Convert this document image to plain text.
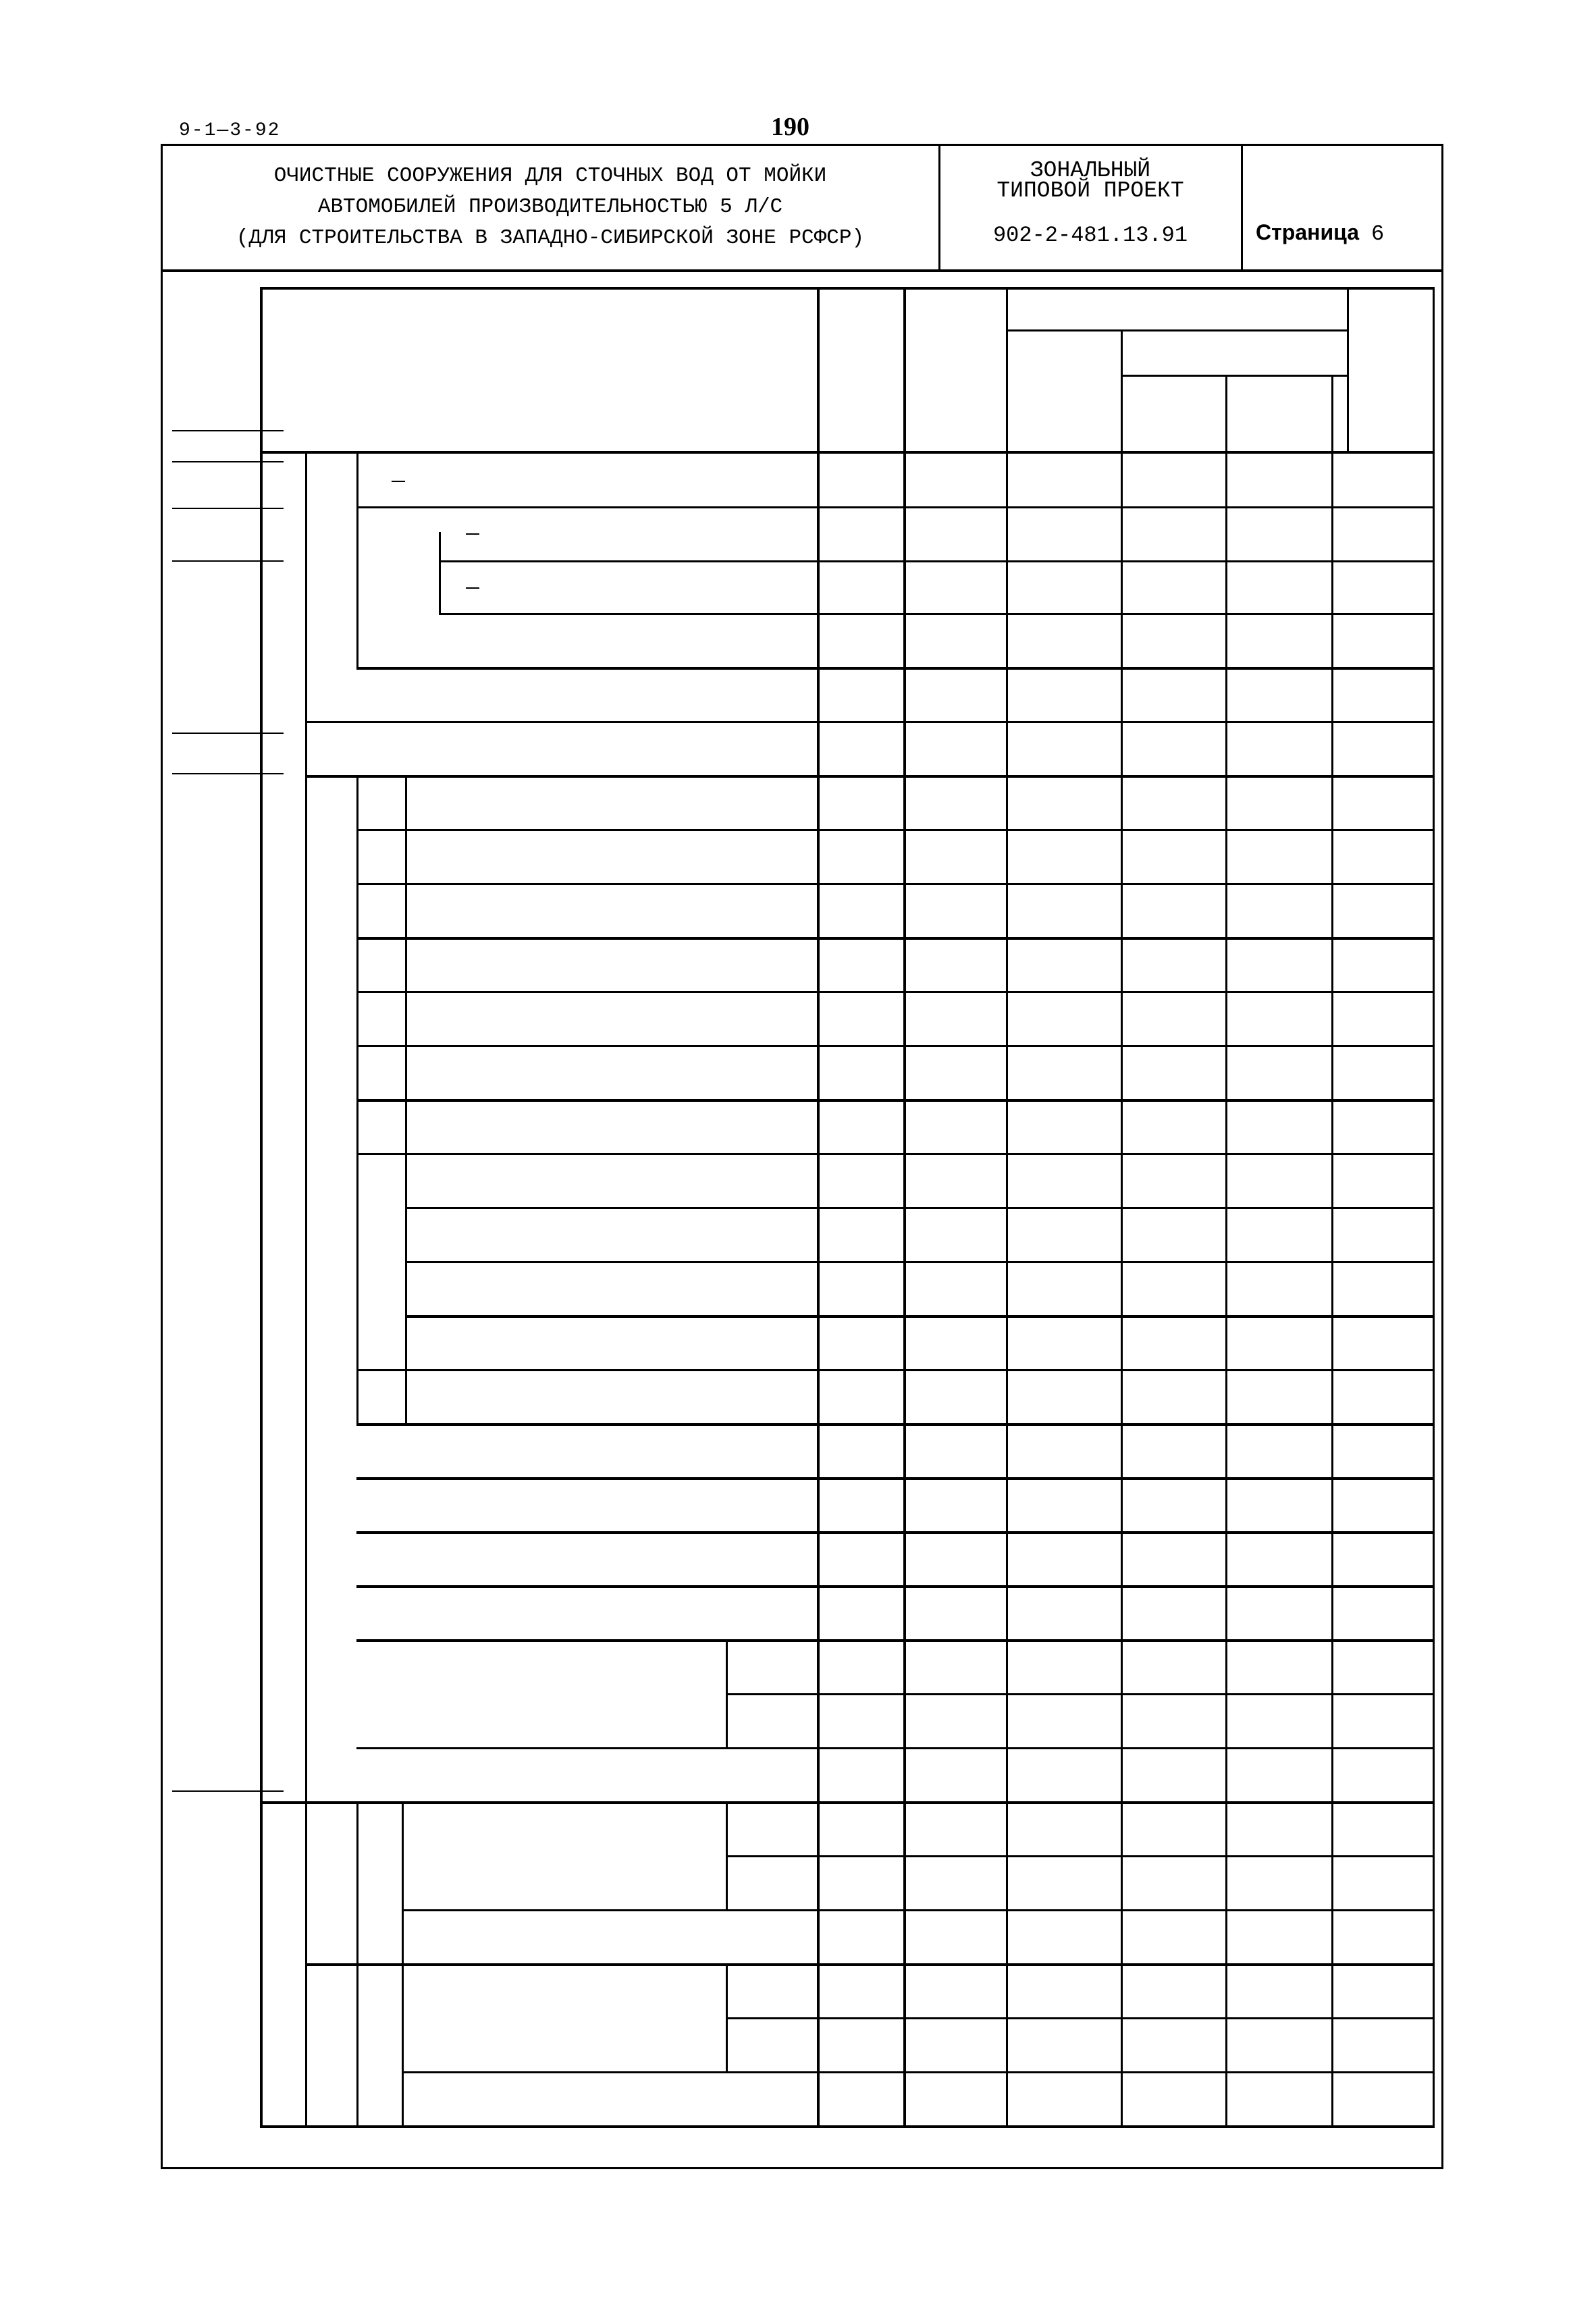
9-1—3-92	190
ОЧИСТНЫЕ СООРУЖЕНИЯ ДЛЯ СТОЧНЫХ ВОД ОТ МОЙКИ
АВТОМОБИЛЕЙ ПРОИЗВОДИТЕЛЬНОСТЬЮ 5 Л/С
(ДЛЯ СТРОИТЕЛЬСТВА В ЗАПАДНО-СИБИРСКОЙ ЗОНЕ РСФСР)
ЗОНАЛЬНЫЙ
ТИПОВОЙ ПРОЕКТ
902-2-481.13.91	Страница 6
